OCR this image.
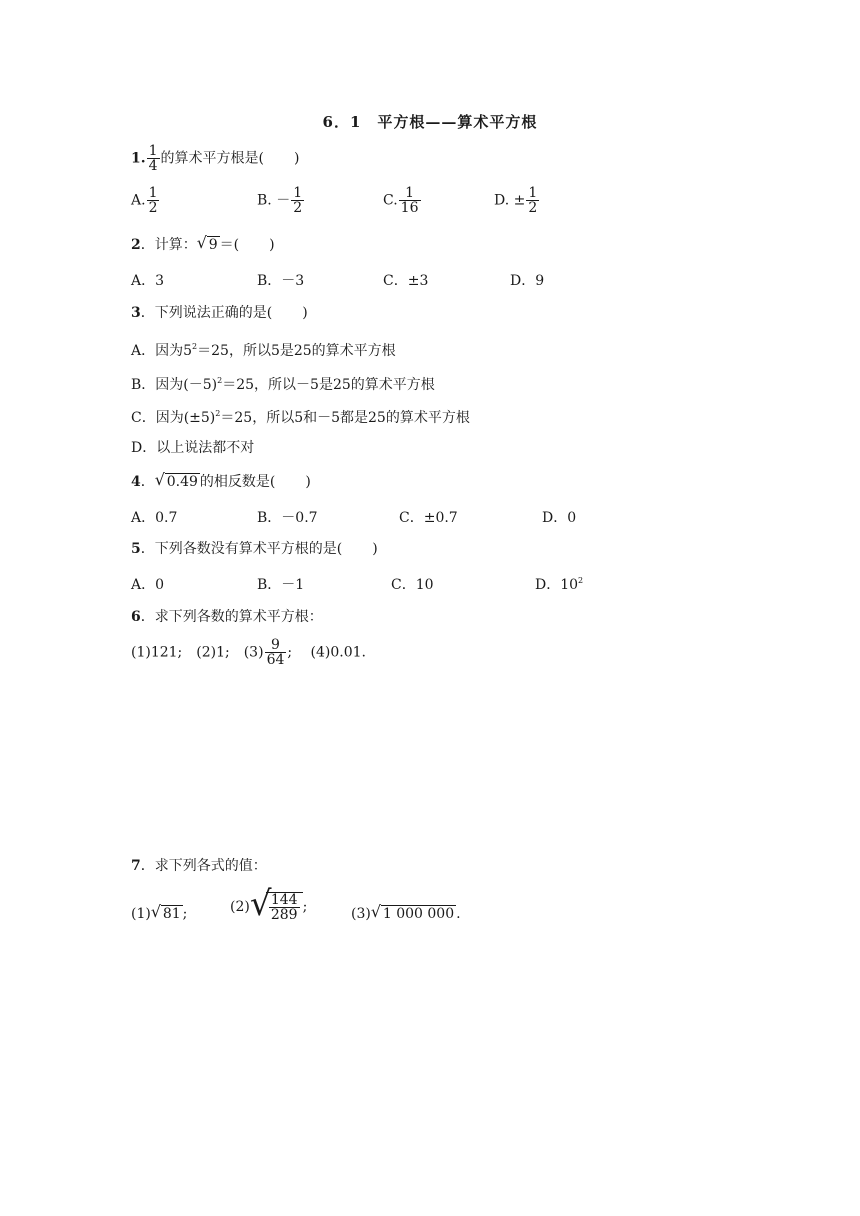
6．1　平方根——算术平方根
1. $\frac{1}{4}$ 的算术平方根是( )
A. $\frac{1}{2}$	B. － $\frac{1}{2}$	C. $\frac{1}{16}$	D. ± $\frac{1}{2}$
2．计算： √ 9 ＝( )
A．3	B．－3	C．±3	D．9
3．下列说法正确的是( )
A．因为$5^2=25$，所以5是25的算术平方根
B．因为$(-5)^2=25$，所以－5是25的算术平方根
C．因为$(\pm 5)^2=25$，所以5和－5都是25的算术平方根
D．以上说法都不对
4． √ 0.49 的相反数是( )
A．0.7	B．－0.7	C．±0.7	D．0
5．下列各数没有算术平方根的是( )
A．0	B．－1	C．10	D．$10^2$
6．求下列各数的算术平方根：
(1)121;　(2)1;　$(3) \frac{9}{64}$ ;　 (4)0.01.
7．求下列各式的值：
(1) √ 81 ;	(2) √
$\frac{144}{289}$ ;	(3) √ 1 000 000 .
